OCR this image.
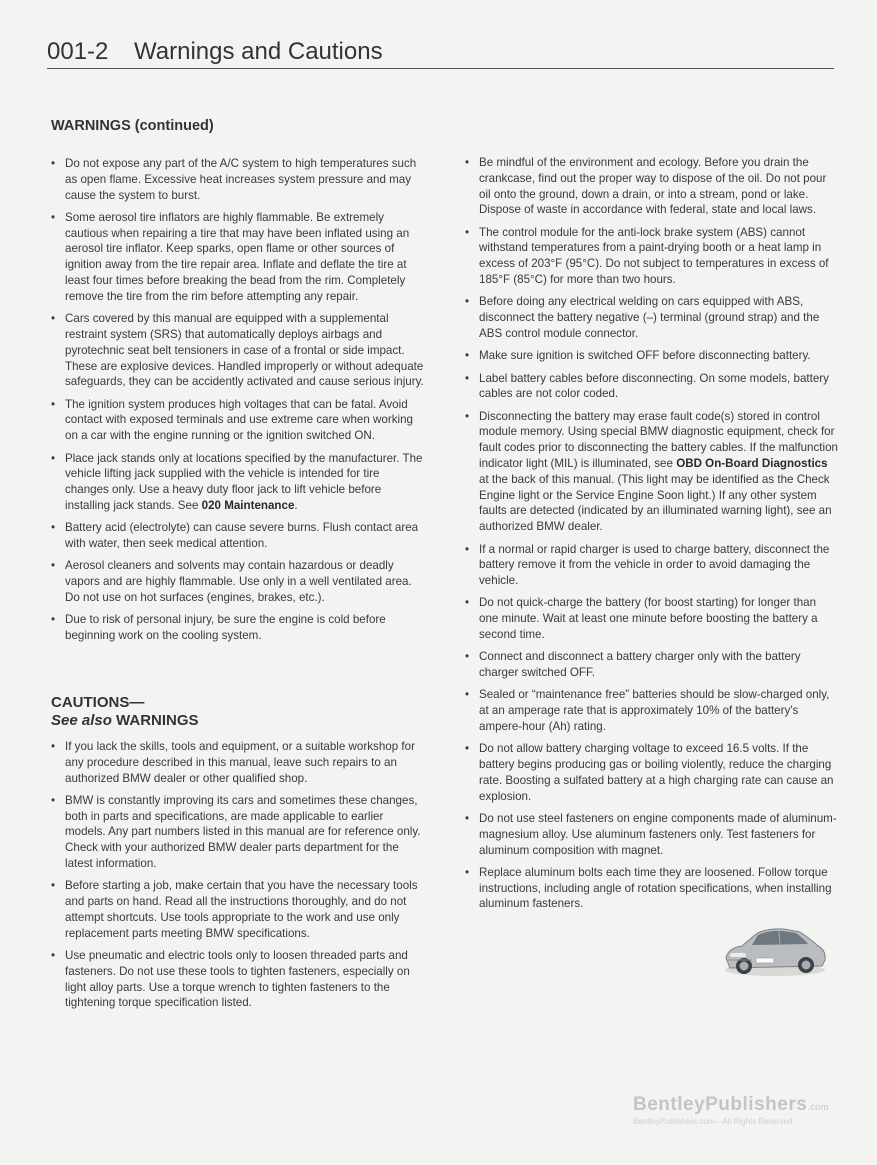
001-2 Warnings and Cautions
WARNINGS (continued)
• Do not expose any part of the A/C system to high temperatures such as open flame. Excessive heat increases system pressure and may cause the system to burst.
• Some aerosol tire inflators are highly flammable. Be extremely cautious when repairing a tire that may have been inflated using an aerosol tire inflator. Keep sparks, open flame or other sources of ignition away from the tire repair area. Inflate and deflate the tire at least four times before breaking the bead from the rim. Completely remove the tire from the rim before attempting any repair.
• Cars covered by this manual are equipped with a supplemental restraint system (SRS) that automatically deploys airbags and pyrotechnic seat belt tensioners in case of a frontal or side impact. These are explosive devices. Handled improperly or without adequate safeguards, they can be accidently activated and cause serious injury.
• The ignition system produces high voltages that can be fatal. Avoid contact with exposed terminals and use extreme care when working on a car with the engine running or the ignition switched ON.
• Place jack stands only at locations specified by the manufacturer. The vehicle lifting jack supplied with the vehicle is intended for tire changes only. Use a heavy duty floor jack to lift vehicle before installing jack stands. See 020 Maintenance.
• Battery acid (electrolyte) can cause severe burns. Flush contact area with water, then seek medical attention.
• Aerosol cleaners and solvents may contain hazardous or deadly vapors and are highly flammable. Use only in a well ventilated area. Do not use on hot surfaces (engines, brakes, etc.).
• Due to risk of personal injury, be sure the engine is cold before beginning work on the cooling system.
CAUTIONS—
See also WARNINGS
• If you lack the skills, tools and equipment, or a suitable workshop for any procedure described in this manual, leave such repairs to an authorized BMW dealer or other qualified shop.
• BMW is constantly improving its cars and sometimes these changes, both in parts and specifications, are made applicable to earlier models. Any part numbers listed in this manual are for reference only. Check with your authorized BMW dealer parts department for the latest information.
• Before starting a job, make certain that you have the necessary tools and parts on hand. Read all the instructions thoroughly, and do not attempt shortcuts. Use tools appropriate to the work and use only replacement parts meeting BMW specifications.
• Use pneumatic and electric tools only to loosen threaded parts and fasteners. Do not use these tools to tighten fasteners, especially on light alloy parts. Use a torque wrench to tighten fasteners to the tightening torque specification listed.
• Be mindful of the environment and ecology. Before you drain the crankcase, find out the proper way to dispose of the oil. Do not pour oil onto the ground, down a drain, or into a stream, pond or lake. Dispose of waste in accordance with federal, state and local laws.
• The control module for the anti-lock brake system (ABS) cannot withstand temperatures from a paint-drying booth or a heat lamp in excess of 203°F (95°C). Do not subject to temperatures in excess of 185°F (85°C) for more than two hours.
• Before doing any electrical welding on cars equipped with ABS, disconnect the battery negative (–) terminal (ground strap) and the ABS control module connector.
• Make sure ignition is switched OFF before disconnecting battery.
• Label battery cables before disconnecting. On some models, battery cables are not color coded.
• Disconnecting the battery may erase fault code(s) stored in control module memory. Using special BMW diagnostic equipment, check for fault codes prior to disconnecting the battery cables. If the malfunction indicator light (MIL) is illuminated, see OBD On-Board Diagnostics at the back of this manual. (This light may be identified as the Check Engine light or the Service Engine Soon light.) If any other system faults are detected (indicated by an illuminated warning light), see an authorized BMW dealer.
• If a normal or rapid charger is used to charge battery, disconnect the battery remove it from the vehicle in order to avoid damaging the vehicle.
• Do not quick-charge the battery (for boost starting) for longer than one minute. Wait at least one minute before boosting the battery a second time.
• Connect and disconnect a battery charger only with the battery charger switched OFF.
• Sealed or “maintenance free” batteries should be slow-charged only, at an amperage rate that is approximately 10% of the battery's ampere-hour (Ah) rating.
• Do not allow battery charging voltage to exceed 16.5 volts. If the battery begins producing gas or boiling violently, reduce the charging rate. Boosting a sulfated battery at a high charging rate can cause an explosion.
• Do not use steel fasteners on engine components made of aluminum-magnesium alloy. Use aluminum fasteners only. Test fasteners for aluminum composition with magnet.
• Replace aluminum bolts each time they are loosened. Follow torque instructions, including angle of rotation specifications, when installing aluminum fasteners.
BentleyPublishers.com
BentleyPublishers.com—All Rights Reserved
